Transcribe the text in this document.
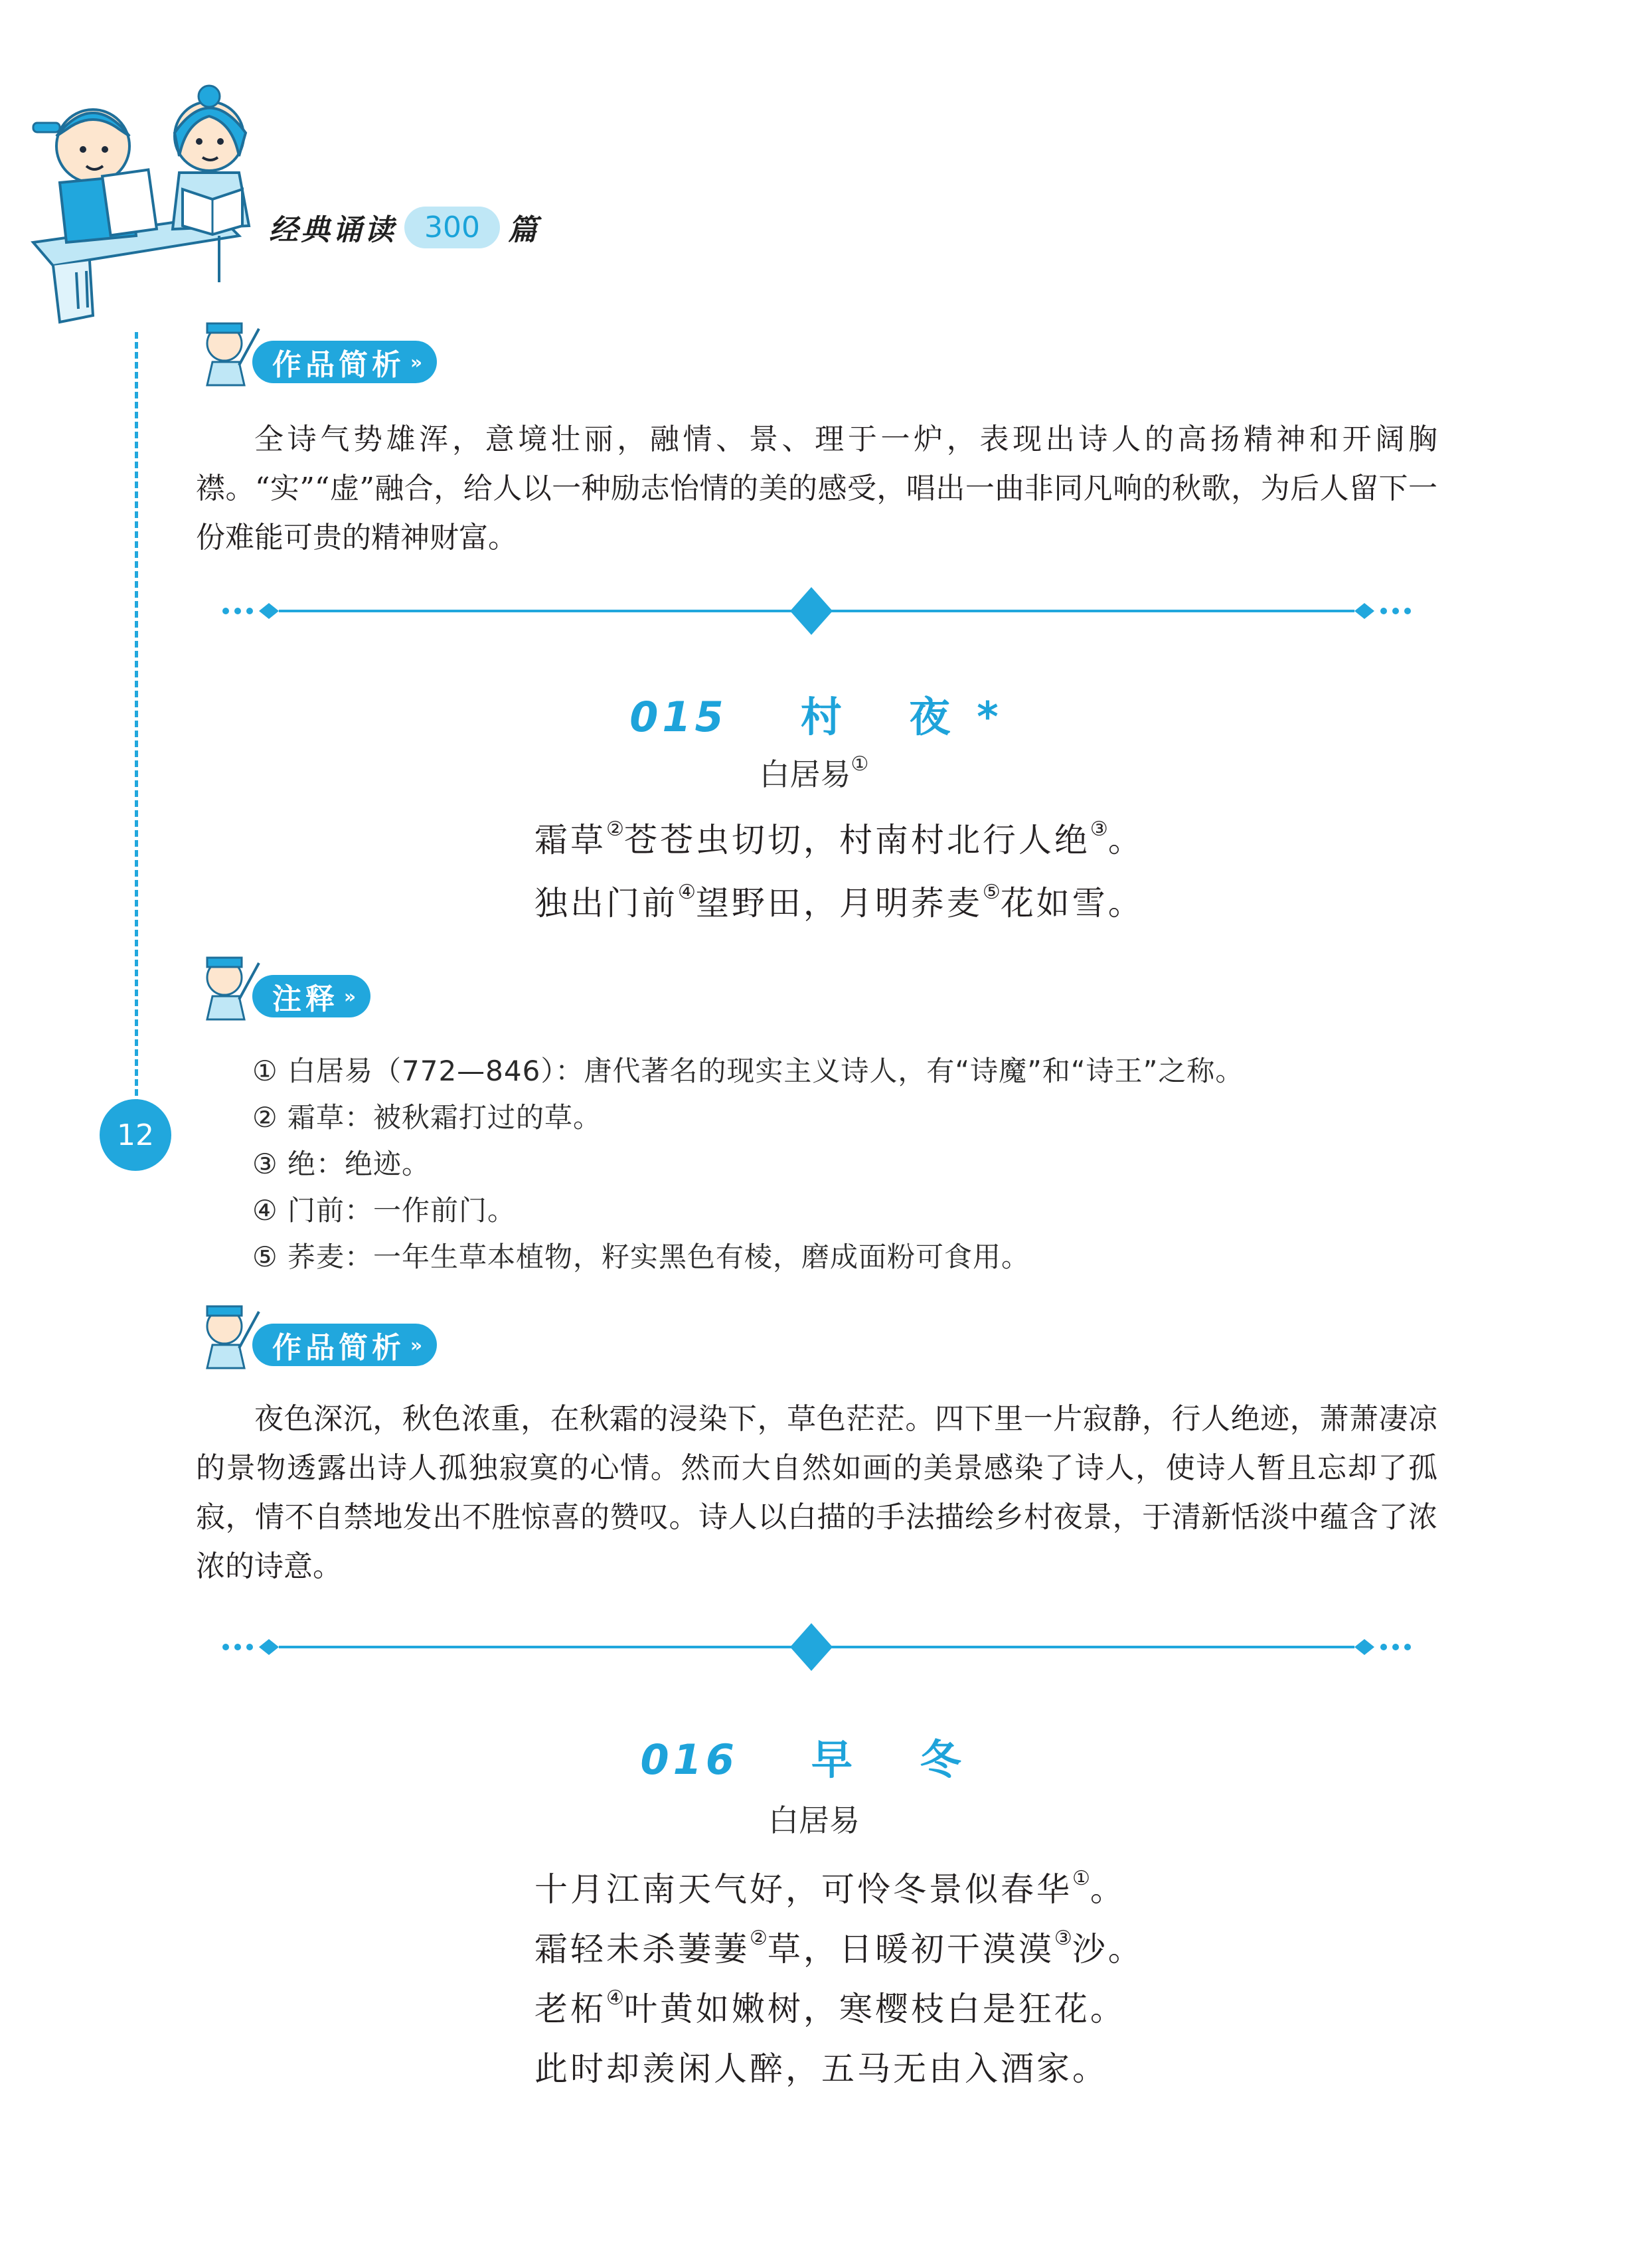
经典诵读 300 篇
12
作品简析 »

全诗气势雄浑，意境壮丽，融情、景、理于一炉，表现出诗人的高扬精神和开阔胸襟。“实”“虚”融合，给人以一种励志怡情的美的感受，唱出一曲非同凡响的秋歌，为后人留下一份难能可贵的精神财富。

015 村 夜*
白居易①
霜草②苍苍虫切切，村南村北行人绝③。
独出门前④望野田，月明荞麦⑤花如雪。
注释 »
① 白居易（772—846）：唐代著名的现实主义诗人，有“诗魔”和“诗王”之称。
② 霜草：被秋霜打过的草。
③ 绝：绝迹。
④ 门前：一作前门。
⑤ 荞麦：一年生草本植物，籽实黑色有棱，磨成面粉可食用。
作品简析 »

夜色深沉，秋色浓重，在秋霜的浸染下，草色茫茫。四下里一片寂静，行人绝迹，萧萧凄凉的景物透露出诗人孤独寂寞的心情。然而大自然如画的美景感染了诗人，使诗人暂且忘却了孤寂，情不自禁地发出不胜惊喜的赞叹。诗人以白描的手法描绘乡村夜景，于清新恬淡中蕴含了浓浓的诗意。

016 早 冬
白居易
十月江南天气好，可怜冬景似春华①。
霜轻未杀萋萋②草，日暖初干漠漠③沙。
老柘④叶黄如嫩树，寒樱枝白是狂花。
此时却羡闲人醉，五马无由入酒家。
